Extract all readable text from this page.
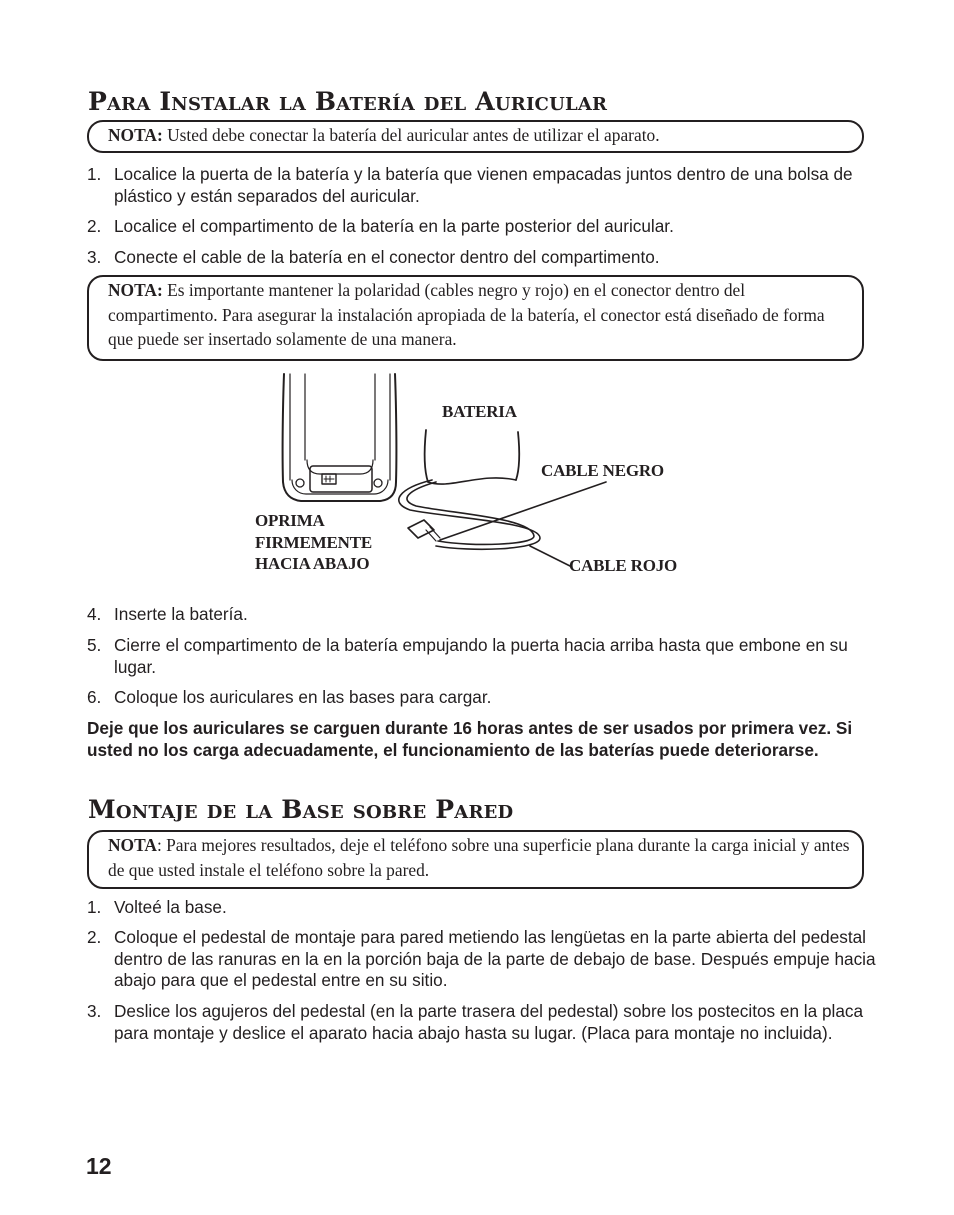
Para Instalar la Batería del Auricular
NOTA: Usted debe conectar la batería del auricular antes de utilizar el aparato.
1. Localice la puerta de la batería y la batería que vienen empacadas juntos dentro de una bolsa de plástico y están separados del auricular.
2. Localice el compartimento de la batería en la parte posterior del auricular.
3. Conecte el cable de la batería en el conector dentro del compartimento.
NOTA: Es importante mantener la polaridad (cables negro y rojo) en el conector dentro del compartimento. Para asegurar la instalación apropiada de la batería, el conector está diseñado de forma que puede ser insertado solamente de una manera.

BATERIA

CABLE NEGRO

OPRIMA
FIRMEMENTE
HACIA ABAJO	CABLE ROJO

4. Inserte la batería.
5. Cierre el compartimento de la batería empujando la puerta hacia arriba hasta que embone en su lugar.
6. Coloque los auriculares en las bases para cargar.

Deje que los auriculares se carguen durante 16 horas antes de ser usados por primera vez. Si usted no los carga adecuadamente, el funcionamiento de las baterías puede deteriorarse.

Montaje de la Base sobre Pared
NOTA: Para mejores resultados, deje el teléfono sobre una superficie plana durante la carga inicial y antes de que usted instale el teléfono sobre la pared.
1. Volteé la base.
2. Coloque el pedestal de montaje para pared metiendo las lengüetas en la parte abierta del pedestal dentro de las ranuras en la en la porción baja de la parte de debajo de base. Después empuje hacia abajo para que el pedestal entre en su sitio.
3. Deslice los agujeros del pedestal (en la parte trasera del pedestal) sobre los postecitos en la placa para montaje y deslice el aparato hacia abajo hasta su lugar. (Placa para montaje no incluida).

12
